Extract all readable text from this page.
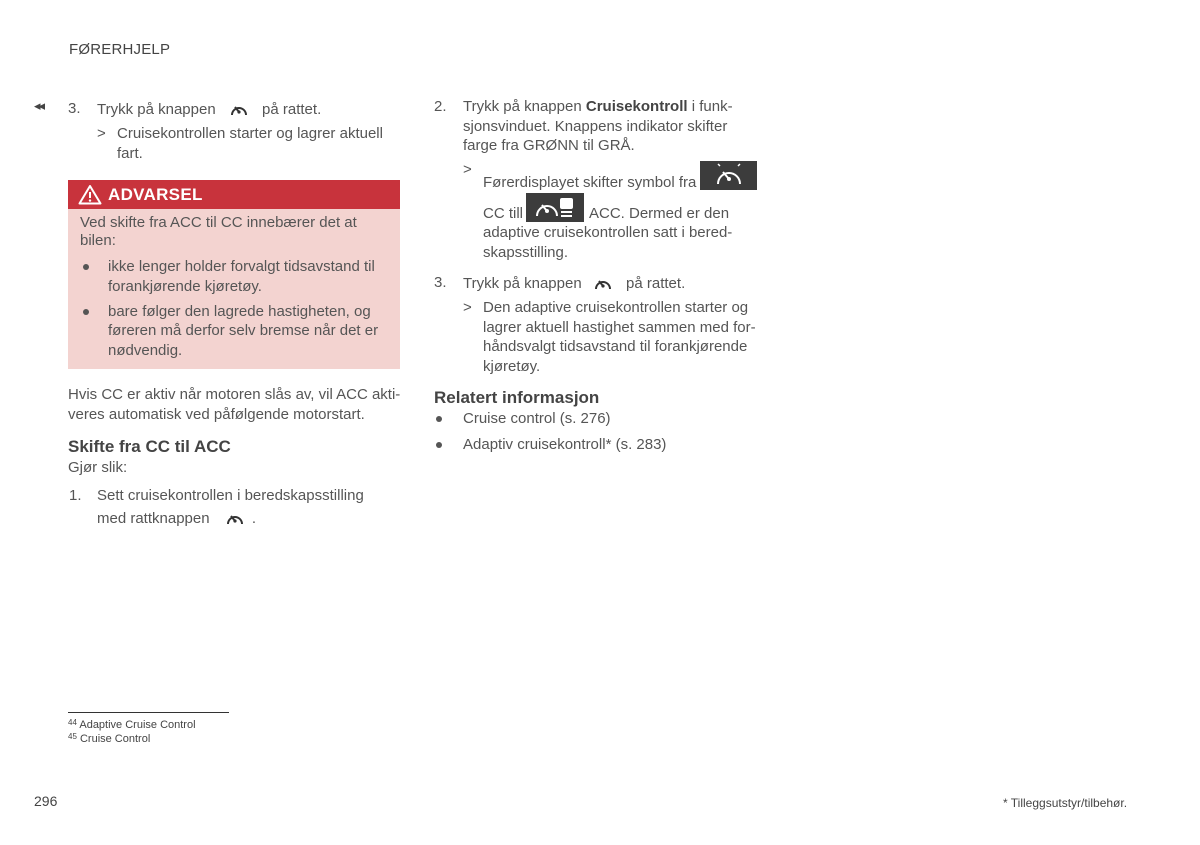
FØRERHJELP
◂◂ 3. Trykk på knappen	på rattet.
> Cruisekontrollen starter og lagrer aktuell
fart.
ADVARSEL
Ved skifte fra ACC til CC innebærer det at
bilen:
ikke lenger holder forvalgt tidsavstand til
forankjørende kjøretøy.
bare følger den lagrede hastigheten, og
føreren må derfor selv bremse når det er
nødvendig.
Hvis CC er aktiv når motoren slås av, vil ACC akti-
veres automatisk ved påfølgende motorstart.
Skifte fra CC til ACC
Gjør slik:
1. Sett cruisekontrollen i beredskapsstilling
med rattknappen	.
2. Trykk på knappen Cruisekontroll i funk-
sjonsvinduet. Knappens indikator skifter
farge fra GRØNN til GRÅ.
>
Førerdisplayet skifter symbol fra
CC till	ACC. Dermed er den
adaptive cruisekontrollen satt i bered-
skapsstilling.
3. Trykk på knappen	på rattet.
> Den adaptive cruisekontrollen starter og
lagrer aktuell hastighet sammen med for-
håndsvalgt tidsavstand til forankjørende
kjøretøy.
Relatert informasjon
Cruise control (s. 276)
Adaptiv cruisekontroll* (s. 283)
$^{44}$ Adaptive Cruise Control
$^{45}$ Cruise Control
296	* Tilleggsutstyr/tilbehør.
